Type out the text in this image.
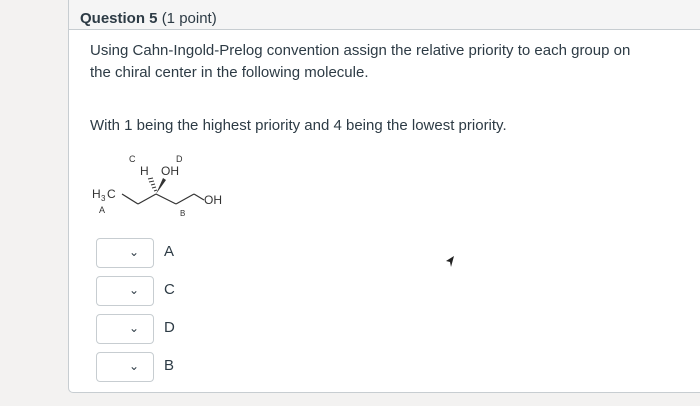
Question 5 (1 point)
Using Cahn-Ingold-Prelog convention assign the relative priority to each group on the chiral center in the following molecule.
With 1 being the highest priority and 4 being the lowest priority.
C
H
D
OH
H 3 C
A	B
OH
⌄ A
⌄ C
⌄ D
⌄ B
